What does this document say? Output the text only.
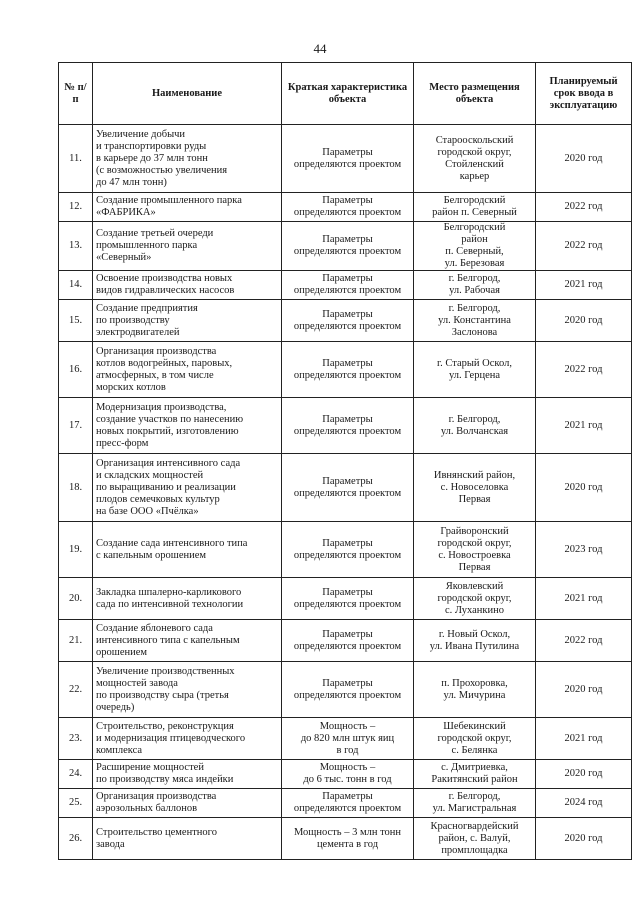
44
№ п/п	Наименование	Краткая характеристика объекта	Место размещения объекта	Планируемый срок ввода в эксплуатацию
11.	Увеличение добычи
и транспортировки руды
в карьере до 37 млн тонн
(с возможностью увеличения
до 47 млн тонн)	Параметры
определяются проектом	Старооскольский
городской округ,
Стойленский
карьер	2020 год
12.	Создание промышленного парка
«ФАБРИКА»	Параметры
определяются проектом	Белгородский
район п. Северный	2022 год
13.	Создание третьей очереди
промышленного парка
«Северный»	Параметры
определяются проектом	Белгородский
район
п. Северный,
ул. Березовая	2022 год
14.	Освоение производства новых
видов гидравлических насосов	Параметры
определяются проектом	г. Белгород,
ул. Рабочая	2021 год
15.	Создание предприятия
по производству
электродвигателей	Параметры
определяются проектом	г. Белгород,
ул. Константина
Заслонова	2020 год
16.	Организация производства
котлов водогрейных, паровых,
атмосферных, в том числе
морских котлов	Параметры
определяются проектом	г. Старый Оскол,
ул. Герцена	2022 год
17.	Модернизация производства,
создание участков по нанесению
новых покрытий, изготовлению
пресс-форм	Параметры
определяются проектом	г. Белгород,
ул. Волчанская	2021 год
18.	Организация интенсивного сада
и складских мощностей
по выращиванию и реализации
плодов семечковых культур
на базе ООО «Пчёлка»	Параметры
определяются проектом	Ивнянский район,
с. Новоселовка
Первая	2020 год
19.	Создание сада интенсивного типа
с капельным орошением	Параметры
определяются проектом	Грайворонский
городской округ,
с. Новостроевка
Первая	2023 год
20.	Закладка шпалерно-карликового
сада по интенсивной технологии	Параметры
определяются проектом	Яковлевский
городской округ,
с. Луханкино	2021 год
21.	Создание яблоневого сада
интенсивного типа с капельным
орошением	Параметры
определяются проектом	г. Новый Оскол,
ул. Ивана Путилина	2022 год
22.	Увеличение производственных
мощностей завода
по производству сыра (третья
очередь)	Параметры
определяются проектом	п. Прохоровка,
ул. Мичурина	2020 год
23.	Строительство, реконструкция
и модернизация птицеводческого
комплекса	Мощность –
до 820 млн штук яиц
в год	Шебекинский
городской округ,
с. Белянка	2021 год
24.	Расширение мощностей
по производству мяса индейки	Мощность –
до 6 тыс. тонн в год	с. Дмитриевка,
Ракитянский район	2020 год
25.	Организация производства
аэрозольных баллонов	Параметры
определяются проектом	г. Белгород,
ул. Магистральная	2024 год
26.	Строительство цементного
завода	Мощность – 3 млн тонн
цемента в год	Красногвардейский
район, с. Валуй,
промплощадка	2020 год
